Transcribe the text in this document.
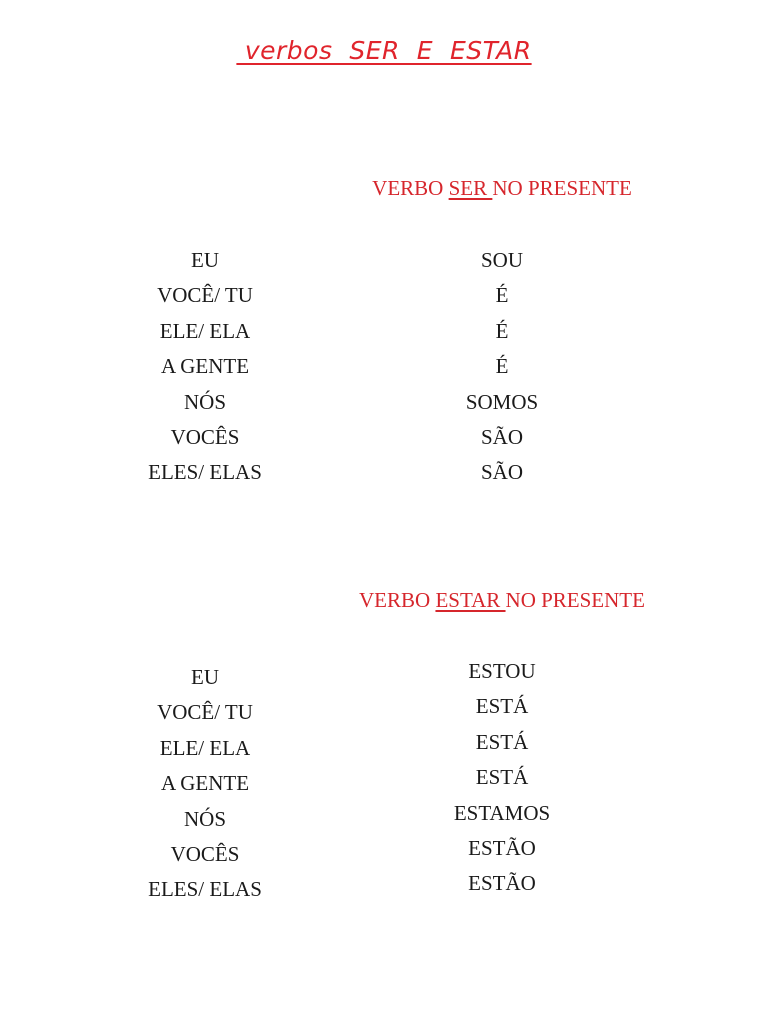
verbos  SER  E  ESTAR
VERBO SER NO PRESENTE
EU
VOCÊ/ TU
ELE/ ELA
A GENTE
NÓS
VOCÊS
ELES/ ELAS
SOU
É
É
É
SOMOS
SÃO
SÃO
VERBO ESTAR NO PRESENTE
EU
VOCÊ/ TU
ELE/ ELA
A GENTE
NÓS
VOCÊS
ELES/ ELAS
ESTOU
ESTÁ
ESTÁ
ESTÁ
ESTAMOS
ESTÃO
ESTÃO
